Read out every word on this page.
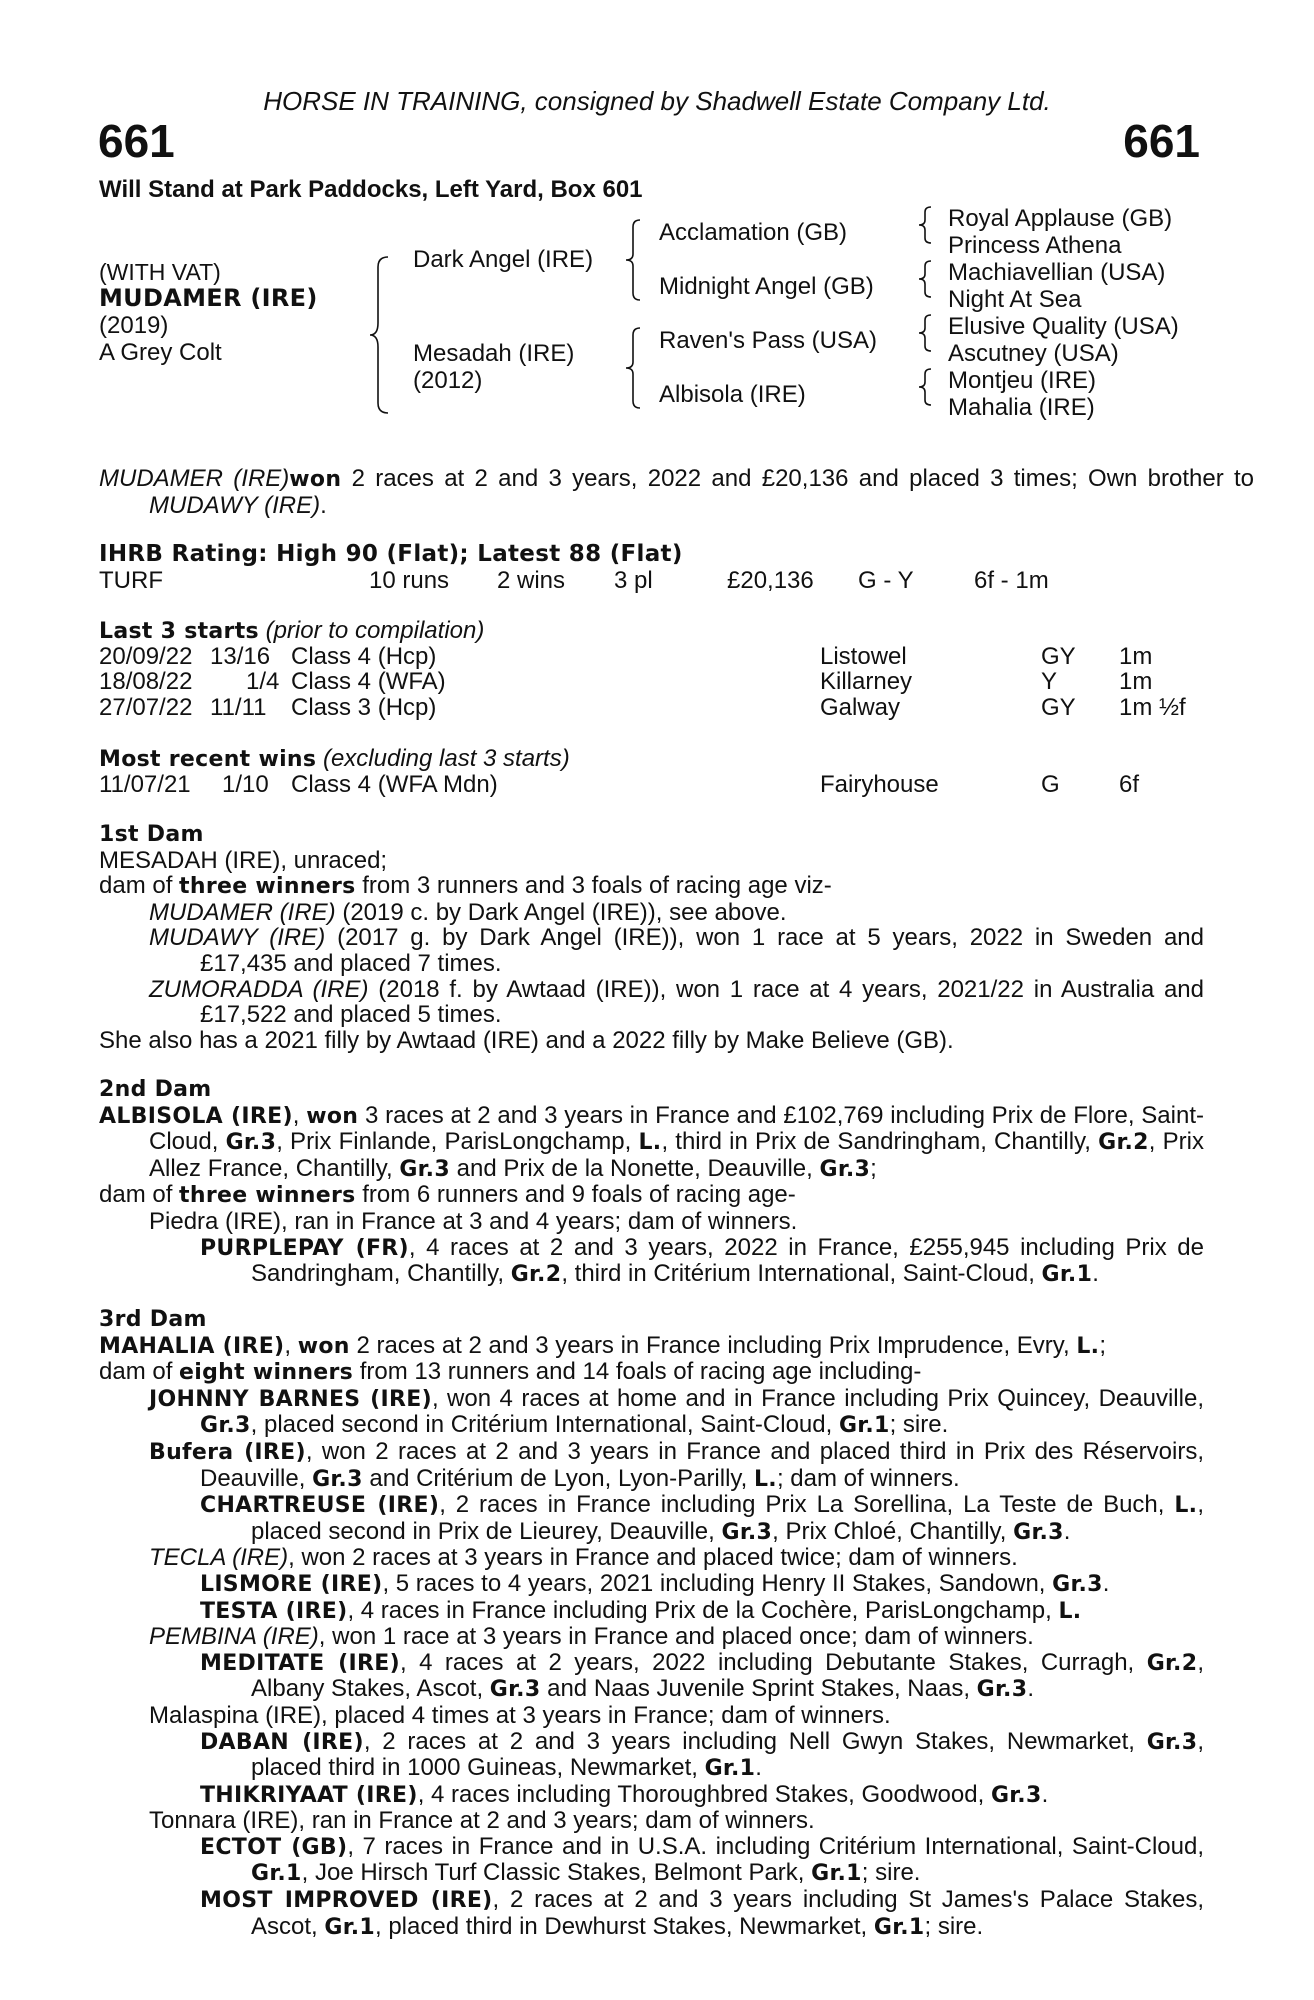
HORSE IN TRAINING, consigned by Shadwell Estate Company Ltd.
661	661
Will Stand at Park Paddocks, Left Yard, Box 601
(WITH VAT)
MUDAMER (IRE)
(2019)
A Grey Colt
Dark Angel (IRE)
Mesadah (IRE)
(2012)
Acclamation (GB)
Midnight Angel (GB)
Raven's Pass (USA)
Albisola (IRE)
Royal Applause (GB)
Princess Athena
Machiavellian (USA)
Night At Sea
Elusive Quality (USA)
Ascutney (USA)
Montjeu (IRE)
Mahalia (IRE)

MUDAMER (IRE)won 2 races at 2 and 3 years, 2022 and £20,136 and placed 3 times; Own brother to MUDAWY (IRE).

IHRB Rating: High 90 (Flat); Latest 88 (Flat)
TURF	10 runs 2 wins 3 pl	£20,136 G - Y	6f - 1m
Last 3 starts (prior to compilation)
20/09/22 13/16 Class 4 (Hcp)	Listowel	GY 1m
18/08/22 1/4 Class 4 (WFA)	Killarney	Y	1m
27/07/22 11/11 Class 3 (Hcp)	Galway	GY 1m ½f
Most recent wins (excluding last 3 starts)
11/07/21 1/10 Class 4 (WFA Mdn)	Fairyhouse	G 6f

1st Dam

MESADAH (IRE), unraced;

dam of three winners from 3 runners and 3 foals of racing age viz-

MUDAMER (IRE) (2019 c. by Dark Angel (IRE)), see above.

MUDAWY (IRE) (2017 g. by Dark Angel (IRE)), won 1 race at 5 years, 2022 in Sweden and £17,435 and placed 7 times.

ZUMORADDA (IRE) (2018 f. by Awtaad (IRE)), won 1 race at 4 years, 2021/22 in Australia and £17,522 and placed 5 times.

She also has a 2021 filly by Awtaad (IRE) and a 2022 filly by Make Believe (GB).

2nd Dam

ALBISOLA (IRE), won 3 races at 2 and 3 years in France and £102,769 including Prix de Flore, Saint-Cloud, Gr.3, Prix Finlande, ParisLongchamp, L., third in Prix de Sandringham, Chantilly, Gr.2, Prix Allez France, Chantilly, Gr.3 and Prix de la Nonette, Deauville, Gr.3;

dam of three winners from 6 runners and 9 foals of racing age-

Piedra (IRE), ran in France at 3 and 4 years; dam of winners.

PURPLEPAY (FR), 4 races at 2 and 3 years, 2022 in France, £255,945 including Prix de Sandringham, Chantilly, Gr.2, third in Critérium International, Saint-Cloud, Gr.1.

3rd Dam

MAHALIA (IRE), won 2 races at 2 and 3 years in France including Prix Imprudence, Evry, L.;

dam of eight winners from 13 runners and 14 foals of racing age including-

JOHNNY BARNES (IRE), won 4 races at home and in France including Prix Quincey, Deauville, Gr.3, placed second in Critérium International, Saint-Cloud, Gr.1; sire.

Bufera (IRE), won 2 races at 2 and 3 years in France and placed third in Prix des Réservoirs, Deauville, Gr.3 and Critérium de Lyon, Lyon-Parilly, L.; dam of winners.

CHARTREUSE (IRE), 2 races in France including Prix La Sorellina, La Teste de Buch, L., placed second in Prix de Lieurey, Deauville, Gr.3, Prix Chloé, Chantilly, Gr.3.

TECLA (IRE), won 2 races at 3 years in France and placed twice; dam of winners.

LISMORE (IRE), 5 races to 4 years, 2021 including Henry II Stakes, Sandown, Gr.3.

TESTA (IRE), 4 races in France including Prix de la Cochère, ParisLongchamp, L.

PEMBINA (IRE), won 1 race at 3 years in France and placed once; dam of winners.

MEDITATE (IRE), 4 races at 2 years, 2022 including Debutante Stakes, Curragh, Gr.2, Albany Stakes, Ascot, Gr.3 and Naas Juvenile Sprint Stakes, Naas, Gr.3.

Malaspina (IRE), placed 4 times at 3 years in France; dam of winners.

DABAN (IRE), 2 races at 2 and 3 years including Nell Gwyn Stakes, Newmarket, Gr.3, placed third in 1000 Guineas, Newmarket, Gr.1.

THIKRIYAAT (IRE), 4 races including Thoroughbred Stakes, Goodwood, Gr.3.

Tonnara (IRE), ran in France at 2 and 3 years; dam of winners.

ECTOT (GB), 7 races in France and in U.S.A. including Critérium International, Saint-Cloud, Gr.1, Joe Hirsch Turf Classic Stakes, Belmont Park, Gr.1; sire.

MOST IMPROVED (IRE), 2 races at 2 and 3 years including St James's Palace Stakes, Ascot, Gr.1, placed third in Dewhurst Stakes, Newmarket, Gr.1; sire.
